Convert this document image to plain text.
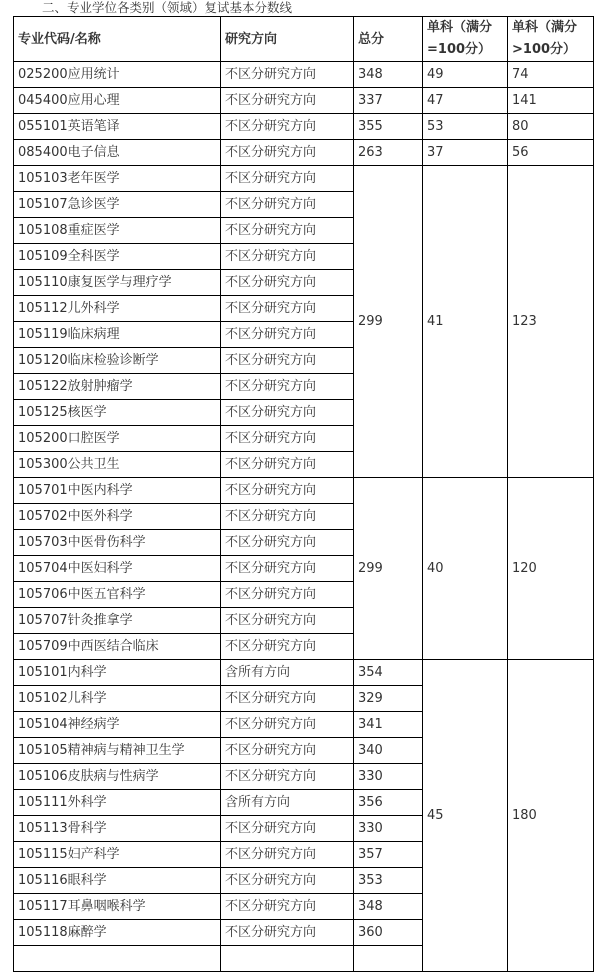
二、专业学位各类别（领域）复试基本分数线
专业代码/名称	研究方向	总分	单科（满分=100分）	单科（满分>100分）
025200应用统计	不区分研究方向	348	49	74
045400应用心理	不区分研究方向	337	47	141
055101英语笔译	不区分研究方向	355	53	80
085400电子信息	不区分研究方向	263	37	56
105103老年医学	不区分研究方向	299	41	123
105107急诊医学	不区分研究方向			
105108重症医学	不区分研究方向			
105109全科医学	不区分研究方向			
105110康复医学与理疗学	不区分研究方向			
105112儿外科学	不区分研究方向			
105119临床病理	不区分研究方向			
105120临床检验诊断学	不区分研究方向			
105122放射肿瘤学	不区分研究方向			
105125核医学	不区分研究方向			
105200口腔医学	不区分研究方向			
105300公共卫生	不区分研究方向			
105701中医内科学	不区分研究方向	299	40	120
105702中医外科学	不区分研究方向			
105703中医骨伤科学	不区分研究方向			
105704中医妇科学	不区分研究方向			
105706中医五官科学	不区分研究方向			
105707针灸推拿学	不区分研究方向			
105709中西医结合临床	不区分研究方向			
105101内科学	含所有方向	354	45	180
105102儿科学	不区分研究方向	329		
105104神经病学	不区分研究方向	341		
105105精神病与精神卫生学	不区分研究方向	340		
105106皮肤病与性病学	不区分研究方向	330		
105111外科学	含所有方向	356		
105113骨科学	不区分研究方向	330		
105115妇产科学	不区分研究方向	357		
105116眼科学	不区分研究方向	353		
105117耳鼻咽喉科学	不区分研究方向	348		
105118麻醉学	不区分研究方向	360		
